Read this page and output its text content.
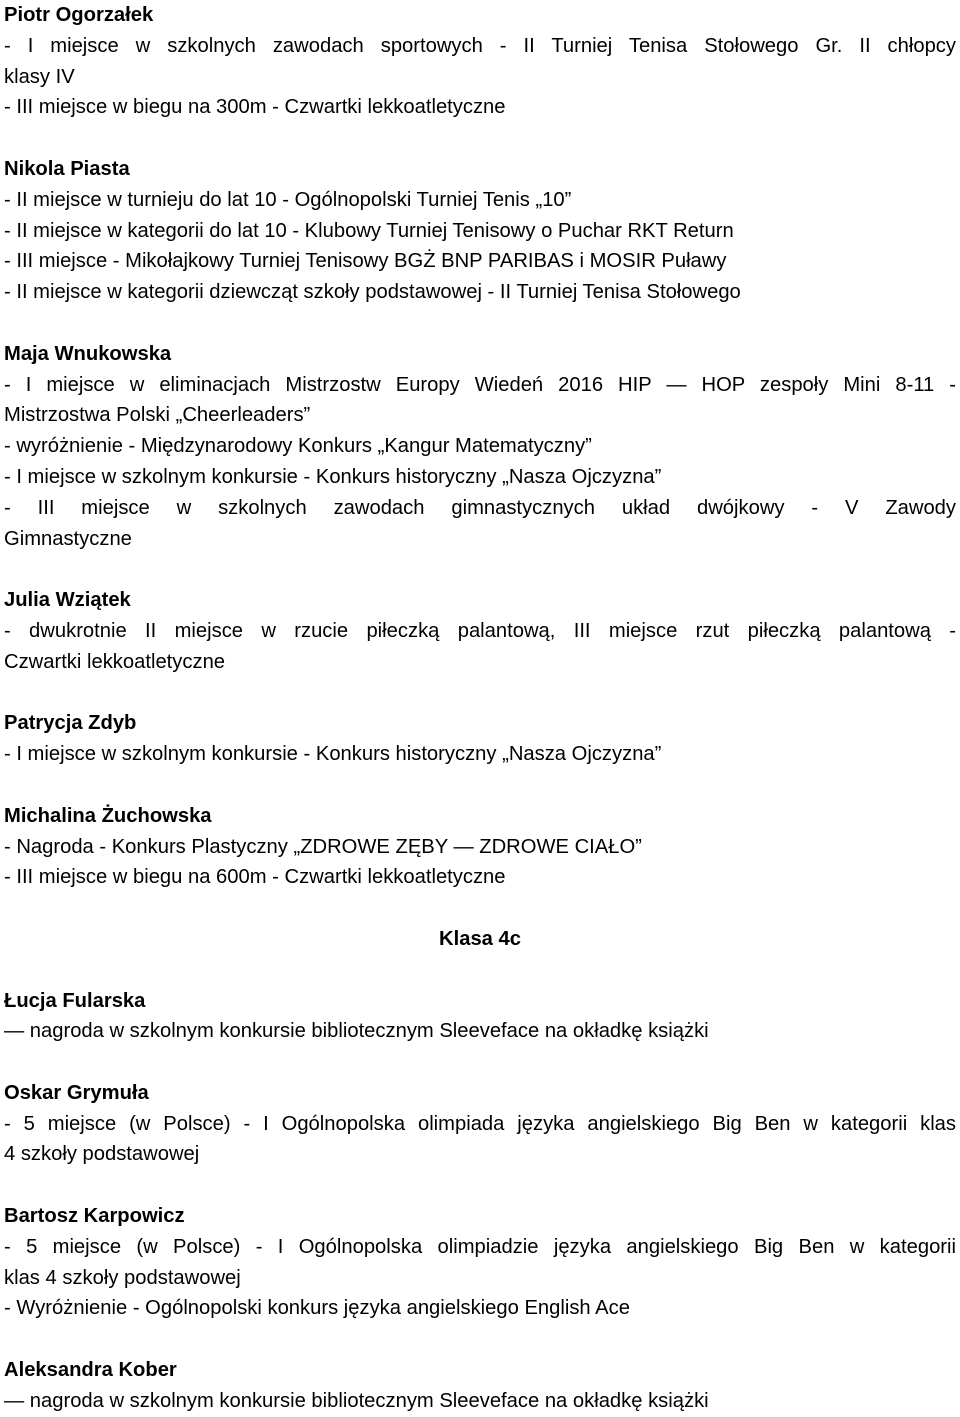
Piotr Ogorzałek
- I miejsce w szkolnych zawodach sportowych - II Turniej Tenisa Stołowego Gr. II chłopcy
klasy IV
- III miejsce w biegu na 300m - Czwartki lekkoatletyczne
Nikola Piasta
- II miejsce w turnieju do lat 10 - Ogólnopolski Turniej Tenis „10”
- II miejsce w kategorii do lat 10 - Klubowy Turniej Tenisowy o Puchar RKT Return
- III miejsce - Mikołajkowy Turniej Tenisowy BGŻ BNP PARIBAS i MOSIR Puławy
- II miejsce w kategorii dziewcząt szkoły podstawowej - II Turniej Tenisa Stołowego
Maja Wnukowska
- I miejsce w eliminacjach Mistrzostw Europy Wiedeń 2016 HIP — HOP zespoły Mini 8-11 -
Mistrzostwa Polski „Cheerleaders”
- wyróżnienie - Międzynarodowy Konkurs „Kangur Matematyczny”
- I miejsce w szkolnym konkursie - Konkurs historyczny „Nasza Ojczyzna”
- III miejsce w szkolnych zawodach gimnastycznych układ dwójkowy - V Zawody
Gimnastyczne
Julia Wziątek
- dwukrotnie II miejsce w rzucie piłeczką palantową, III miejsce rzut piłeczką palantową -
Czwartki lekkoatletyczne
Patrycja Zdyb
- I miejsce w szkolnym konkursie - Konkurs historyczny „Nasza Ojczyzna”
Michalina Żuchowska
- Nagroda - Konkurs Plastyczny „ZDROWE ZĘBY — ZDROWE CIAŁO”
- III miejsce w biegu na 600m - Czwartki lekkoatletyczne
Klasa 4c
Łucja Fularska
— nagroda w szkolnym konkursie bibliotecznym Sleeveface na okładkę książki
Oskar Grymuła
- 5 miejsce (w Polsce) - I Ogólnopolska olimpiada języka angielskiego Big Ben w kategorii klas
4 szkoły podstawowej
Bartosz Karpowicz
- 5 miejsce (w Polsce) - I Ogólnopolska olimpiadzie języka angielskiego Big Ben w kategorii
klas 4 szkoły podstawowej
- Wyróżnienie - Ogólnopolski konkurs języka angielskiego English Ace
Aleksandra Kober
— nagroda w szkolnym konkursie bibliotecznym Sleeveface na okładkę książki
